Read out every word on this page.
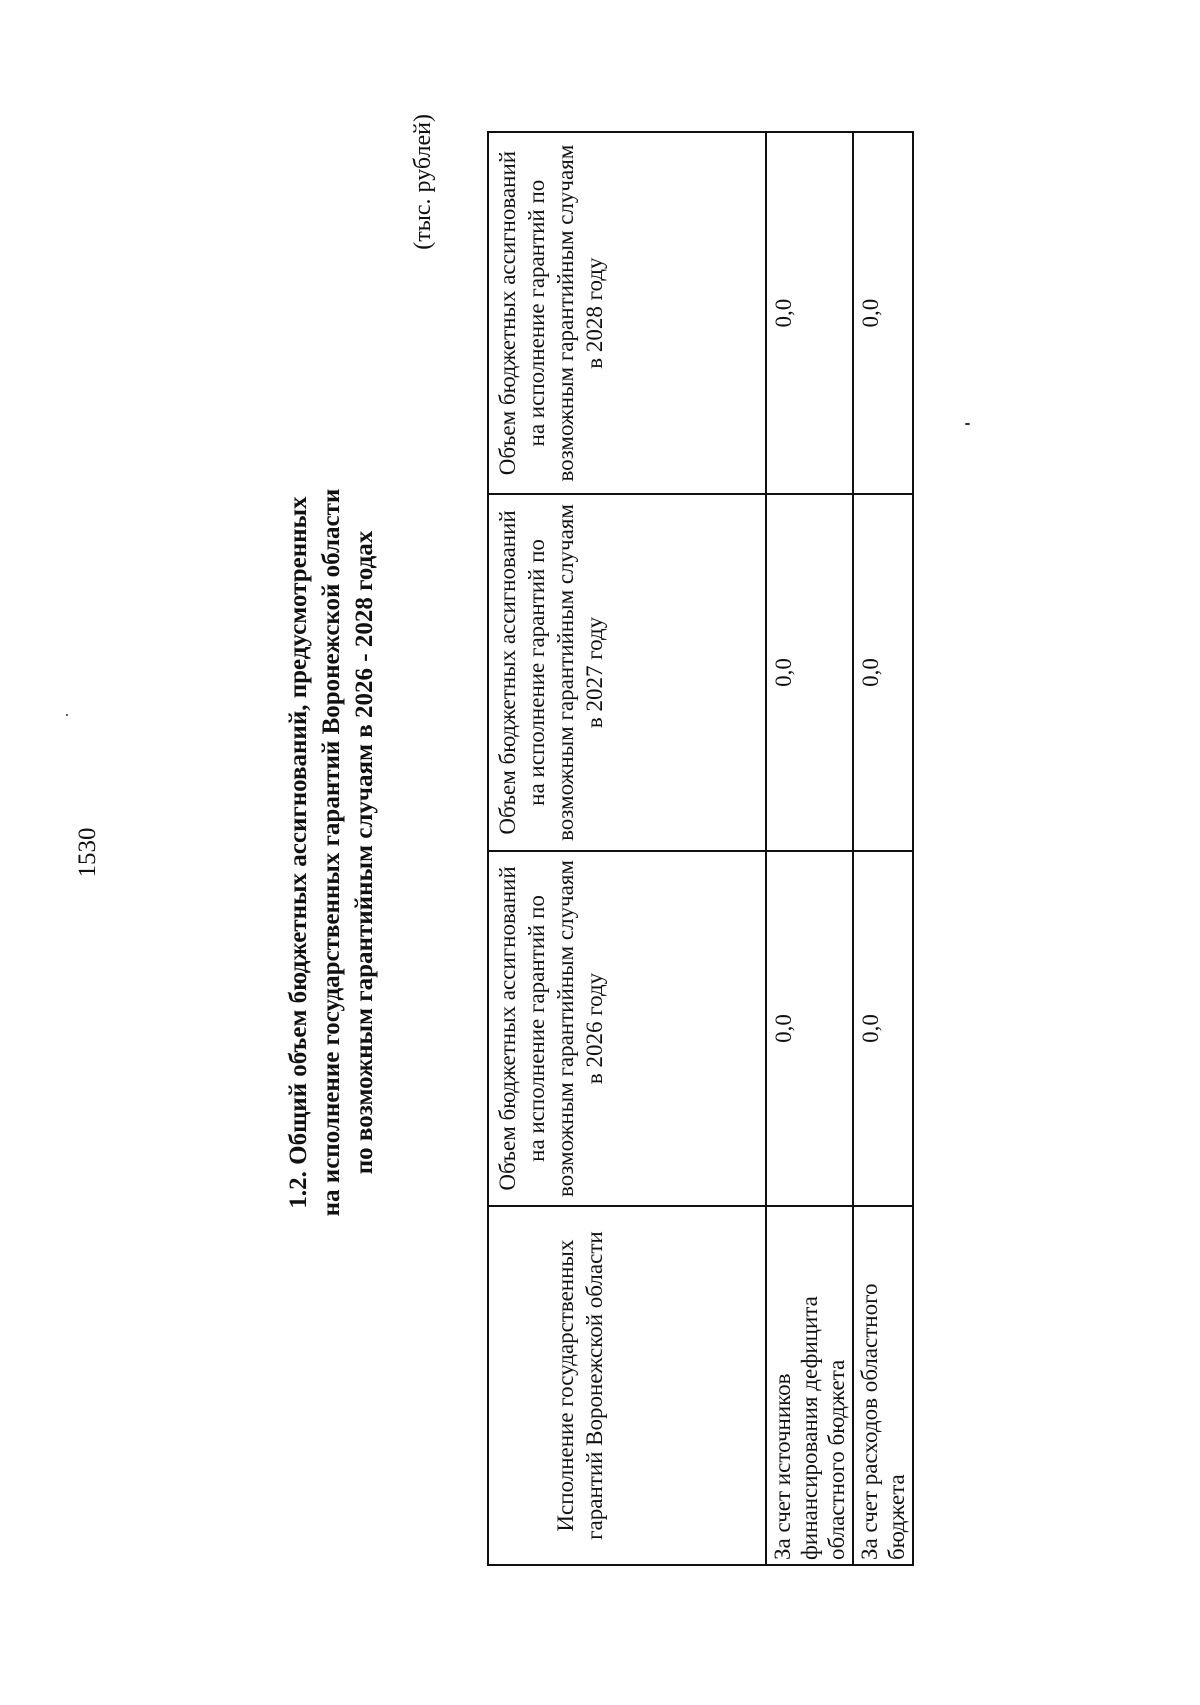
1530	1.2. Общий объем бюджетных ассигнований, предусмотренных на исполнение государственных гарантий Воронежской области по возможным гарантийным случаям в 2026 - 2028 годах
(тыс. рублей)
Исполнение государственных гарантий Воронежской области	Объем бюджетных ассигнований на исполнение гарантий по возможным гарантийным случаям в 2026 году	Объем бюджетных ассигнований на исполнение гарантий по возможным гарантийным случаям в 2027 году	Объем бюджетных ассигнований на исполнение гарантий по возможным гарантийным случаям в 2028 году
За счет источников финансирования дефицита областного бюджета	0,0	0,0	0,0
За счет расходов областного бюджета	0,0	0,0	0,0
